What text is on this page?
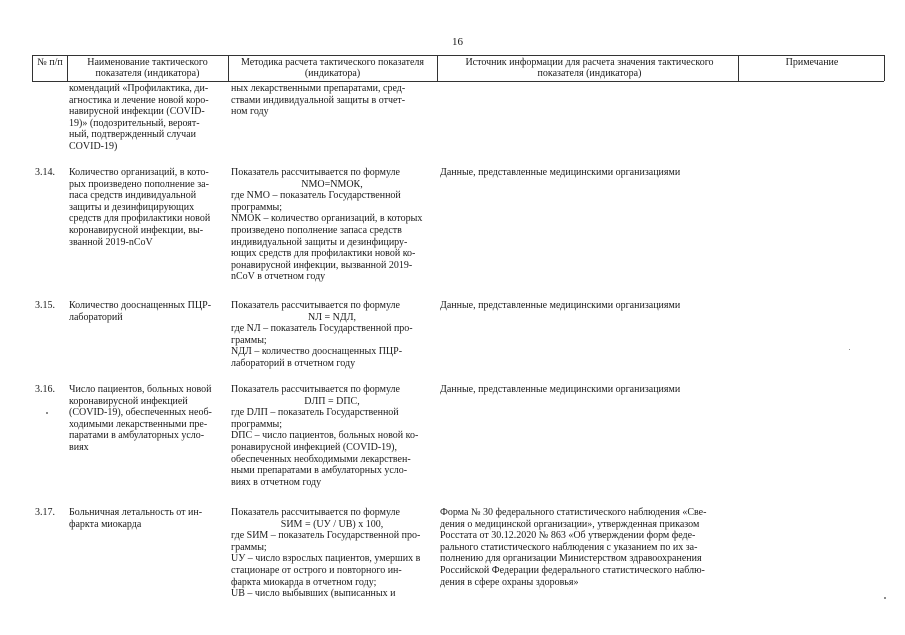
16
№ п/п	Наименование тактического показателя (индикатора)
Методика расчета тактического показателя (индикатора)
Источник информации для расчета значения тактического показателя (индикатора)
Примечание
комендаций «Профилактика, ди-
агностика и лечение новой коро-
навирусной инфекции (COVID-
19)» (подозрительный, вероят-
ный, подтвержденный случаи
COVID-19)
ных лекарственными препаратами, сред-
ствами индивидуальной защиты в отчет-
ном году
3.14. Количество организаций, в кото-
рых произведено пополнение за-
паса средств индивидуальной
защиты и дезинфицирующих
средств для профилактики новой
коронавирусной инфекции, вы-
званной 2019-nCoV
Показатель рассчитывается по формуле
NМО=NМОК,
где NМО – показатель Государственной
программы;
NМОК – количество организаций, в которых
произведено пополнение запаса средств
индивидуальной защиты и дезинфициру-
ющих средств для профилактики новой ко-
ронавирусной инфекции, вызванной 2019-
nCoV в отчетном году
Данные, представленные медицинскими организациями
3.15. Количество дооснащенных ПЦР-
лабораторий
Показатель рассчитывается по формуле
NЛ = NДЛ,
где NЛ – показатель Государственной про-
граммы;
NДЛ – количество дооснащенных ПЦР-
лабораторий в отчетном году
Данные, представленные медицинскими организациями
3.16. Число пациентов, больных новой
коронавирусной инфекцией
(COVID-19), обеспеченных необ-
ходимыми лекарственными пре-
паратами в амбулаторных усло-
виях
Показатель рассчитывается по формуле
DЛП = DПС,
где DЛП – показатель Государственной
программы;
DПС – число пациентов, больных новой ко-
ронавирусной инфекцией (COVID-19),
обеспеченных необходимыми лекарствен-
ными препаратами в амбулаторных усло-
виях в отчетном году
Данные, представленные медицинскими организациями
3.17. Больничная летальность от ин-
фаркта миокарда
Показатель рассчитывается по формуле
SИМ = (UУ / UВ) х 100,
где SИМ – показатель Государственной про-
граммы;
UУ – число взрослых пациентов, умерших в
стационаре от острого и повторного ин-
фаркта миокарда в отчетном году;
UВ – число выбывших (выписанных и
Форма № 30 федерального статистического наблюдения «Све-
дения о медицинской организации», утвержденная приказом
Росстата от 30.12.2020 № 863 «Об утверждении форм феде-
рального статистического наблюдения с указанием по их за-
полнению для организации Министерством здравоохранения
Российской Федерации федерального статистического наблю-
дения в сфере охраны здоровья»
